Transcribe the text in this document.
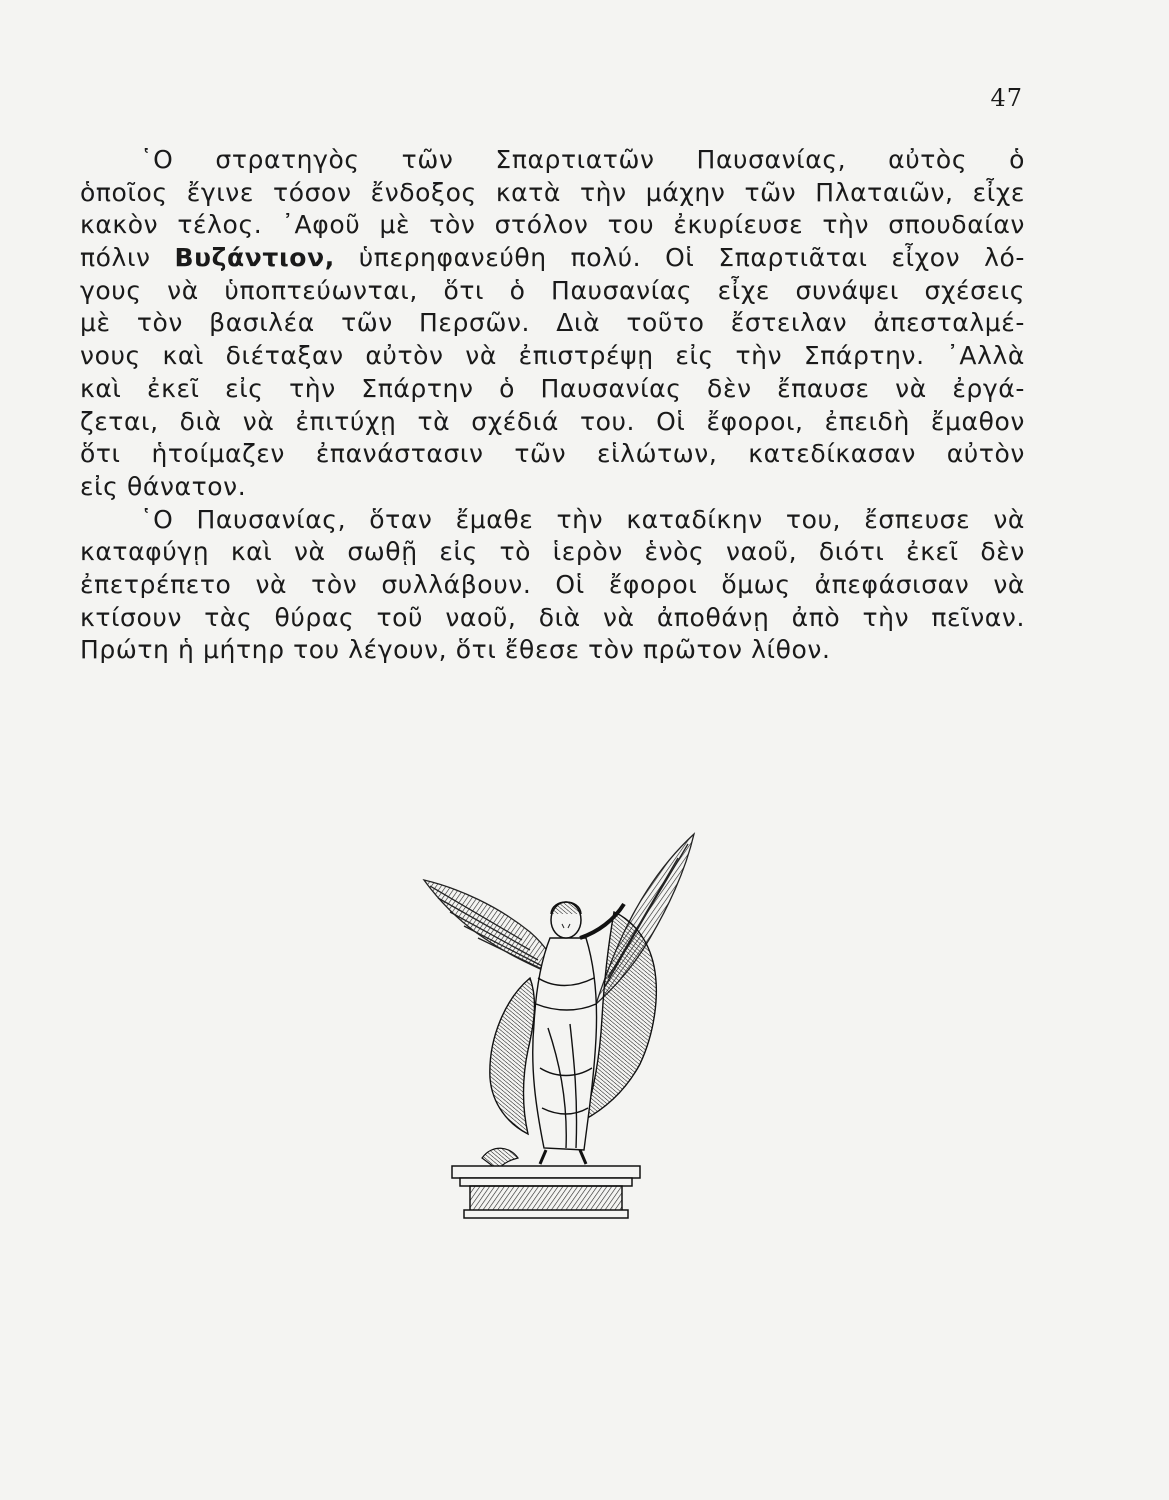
47
῾Ο στρατηγὸς τῶν Σπαρτιατῶν Παυσανίας, αὐτὸς ὁ
ὁποῖος ἔγινε τόσον ἔνδοξος κατὰ τὴν μάχην τῶν Πλαταιῶν, εἶχε
κακὸν τέλος. ᾿Αφοῦ μὲ τὸν στόλον του ἐκυρίευσε τὴν σπουδαίαν
πόλιν Βυζάντιον, ὑπερηφανεύθη πολύ. Οἱ Σπαρτιᾶται εἶχον λό-
γους νὰ ὑποπτεύωνται, ὅτι ὁ Παυσανίας εἶχε συνάψει σχέσεις
μὲ τὸν βασιλέα τῶν Περσῶν. Διὰ τοῦτο ἔστειλαν ἀπεσταλμέ-
νους καὶ διέταξαν αὐτὸν νὰ ἐπιστρέψῃ εἰς τὴν Σπάρτην. ᾿Αλλὰ
καὶ ἐκεῖ εἰς τὴν Σπάρτην ὁ Παυσανίας δὲν ἔπαυσε νὰ ἐργά-
ζεται, διὰ νὰ ἐπιτύχῃ τὰ σχέδιά του. Οἱ ἔφοροι, ἐπειδὴ ἔμαθον
ὅτι ἡτοίμαζεν ἐπανάστασιν τῶν εἱλώτων, κατεδίκασαν αὐτὸν
εἰς θάνατον.
῾Ο Παυσανίας, ὅταν ἔμαθε τὴν καταδίκην του, ἔσπευσε νὰ
καταφύγῃ καὶ νὰ σωθῇ εἰς τὸ ἱερὸν ἑνὸς ναοῦ, διότι ἐκεῖ δὲν
ἐπετρέπετο νὰ τὸν συλλάβουν. Οἱ ἔφοροι ὅμως ἀπεφάσισαν νὰ
κτίσουν τὰς θύρας τοῦ ναοῦ, διὰ νὰ ἀποθάνῃ ἀπὸ τὴν πεῖναν.
Πρώτη ἡ μήτηρ του λέγουν, ὅτι ἔθεσε τὸν πρῶτον λίθον.
